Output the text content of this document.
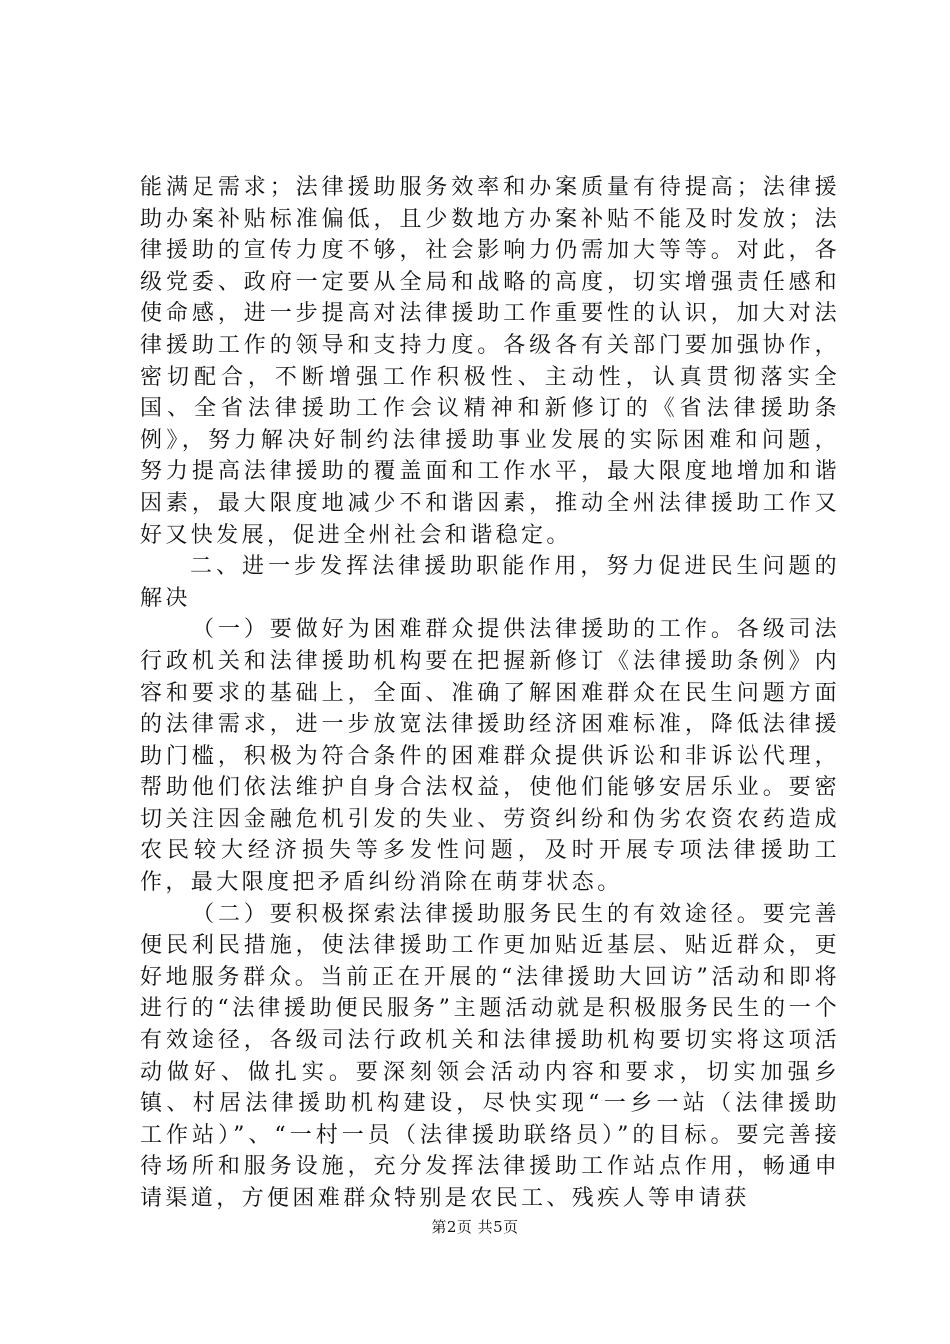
能满足需求；法律援助服务效率和办案质量有待提高；法律援助办案补贴标准偏低，且少数地方办案补贴不能及时发放；法律援助的宣传力度不够，社会影响力仍需加大等等。对此，各级党委、政府一定要从全局和战略的高度，切实增强责任感和使命感，进一步提高对法律援助工作重要性的认识，加大对法律援助工作的领导和支持力度。各级各有关部门要加强协作，密切配合，不断增强工作积极性、主动性，认真贯彻落实全国、全省法律援助工作会议精神和新修订的《省法律援助条例》，努力解决好制约法律援助事业发展的实际困难和问题，努力提高法律援助的覆盖面和工作水平，最大限度地增加和谐因素，最大限度地减少不和谐因素，推动全州法律援助工作又好又快发展，促进全州社会和谐稳定。

二、进一步发挥法律援助职能作用，努力促进民生问题的解决

（一）要做好为困难群众提供法律援助的工作。各级司法行政机关和法律援助机构要在把握新修订《法律援助条例》内容和要求的基础上，全面、准确了解困难群众在民生问题方面的法律需求，进一步放宽法律援助经济困难标准，降低法律援助门槛，积极为符合条件的困难群众提供诉讼和非诉讼代理，帮助他们依法维护自身合法权益，使他们能够安居乐业。要密切关注因金融危机引发的失业、劳资纠纷和伪劣农资农药造成农民较大经济损失等多发性问题，及时开展专项法律援助工作，最大限度把矛盾纠纷消除在萌芽状态。

（二）要积极探索法律援助服务民生的有效途径。要完善便民利民措施，使法律援助工作更加贴近基层、贴近群众，更好地服务群众。当前正在开展的“法律援助大回访”活动和即将进行的“法律援助便民服务”主题活动就是积极服务民生的一个有效途径，各级司法行政机关和法律援助机构要切实将这项活动做好、做扎实。要深刻领会活动内容和要求，切实加强乡镇、村居法律援助机构建设，尽快实现“一乡一站（法律援助工作站）”、“一村一员（法律援助联络员）”的目标。要完善接待场所和服务设施，充分发挥法律援助工作站点作用，畅通申请渠道，方便困难群众特别是农民工、残疾人等申请获

第2页 共5页
